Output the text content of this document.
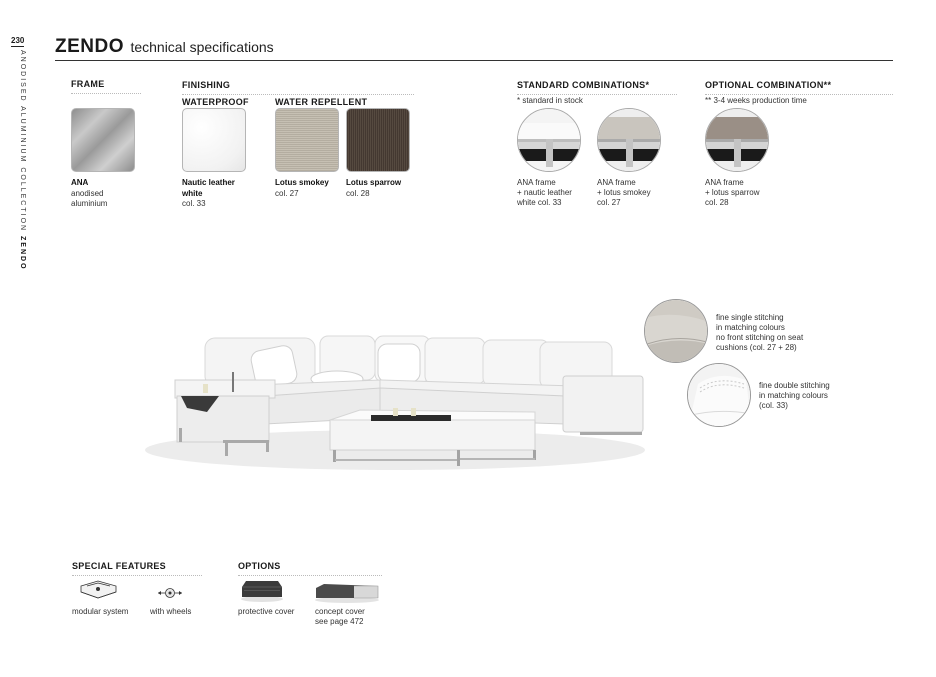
230
ANODISED ALUMINIUM COLLECTION ZENDO
ZENDO technical specifications
FRAME
ANA
anodised
aluminium
FINISHING
WATERPROOF	WATER REPELLENT
Nautic leather
white
col. 33
Lotus smokey
col. 27
Lotus sparrow
col. 28
STANDARD COMBINATIONS*
* standard in stock
ANA frame
+ nautic leather
white col. 33
ANA frame
+ lotus smokey
col. 27
OPTIONAL COMBINATION**
** 3-4 weeks production time
ANA frame
+ lotus sparrow
col. 28
fine single stitching
in matching colours
no front stitching on seat
cushions (col. 27 + 28)
fine double stitching
in matching colours
(col. 33)
SPECIAL FEATURES
modular system	with wheels
OPTIONS
protective cover	concept cover
see page 472
